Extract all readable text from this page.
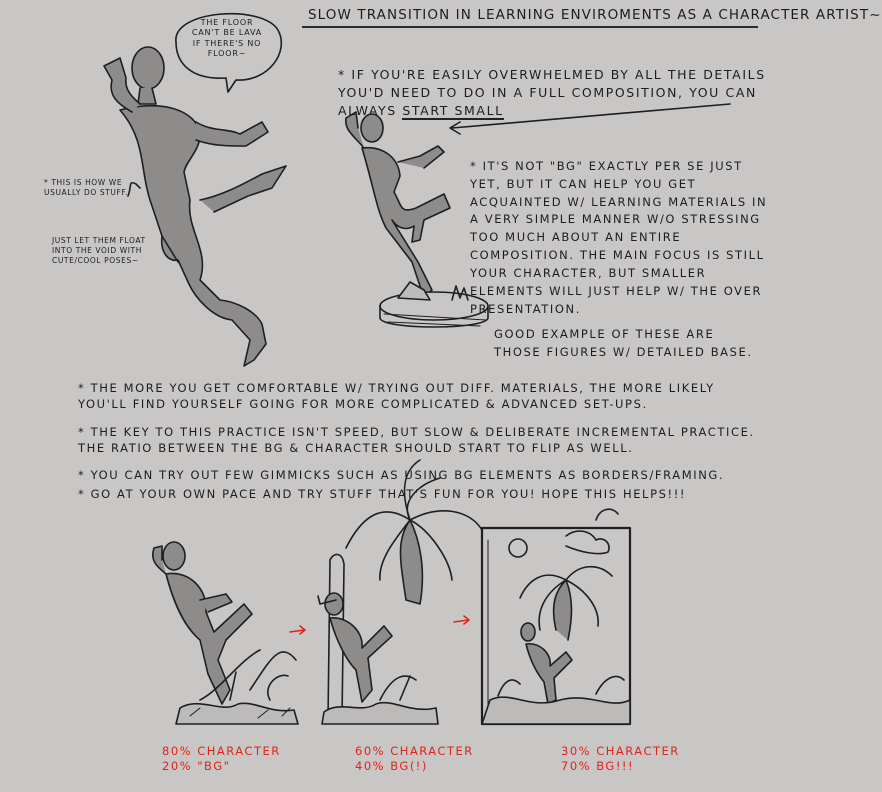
SLOW TRANSITION IN LEARNING ENVIROMENTS AS A CHARACTER ARTIST~

THE FLOOR CAN'T BE LAVA IF THERE'S NO FLOOR~

* THIS IS HOW WE USUALLY DO STUFF.

JUST LET THEM FLOAT INTO THE VOID WITH CUTE/COOL POSES~

* IF YOU'RE EASILY OVERWHELMED BY ALL THE DETAILS YOU'D NEED TO DO IN A FULL COMPOSITION, YOU CAN ALWAYS START SMALL

* IT'S NOT "BG" EXACTLY PER SE JUST YET, BUT IT CAN HELP YOU GET ACQUAINTED W/ LEARNING MATERIALS IN A VERY SIMPLE MANNER W/O STRESSING TOO MUCH ABOUT AN ENTIRE COMPOSITION. THE MAIN FOCUS IS STILL YOUR CHARACTER, BUT SMALLER ELEMENTS WILL JUST HELP W/ THE OVER PRESENTATION.

GOOD EXAMPLE OF THESE ARE THOSE FIGURES W/ DETAILED BASE.

* THE MORE YOU GET COMFORTABLE W/ TRYING OUT DIFF. MATERIALS, THE MORE LIKELY YOU'LL FIND YOURSELF GOING FOR MORE COMPLICATED & ADVANCED SET-UPS.

* THE KEY TO THIS PRACTICE ISN'T SPEED, BUT SLOW & DELIBERATE INCREMENTAL PRACTICE. THE RATIO BETWEEN THE BG & CHARACTER SHOULD START TO FLIP AS WELL.

* YOU CAN TRY OUT FEW GIMMICKS SUCH AS USING BG ELEMENTS AS BORDERS/FRAMING.

* GO AT YOUR OWN PACE AND TRY STUFF THAT'S FUN FOR YOU! HOPE THIS HELPS!!!

80% CHARACTER
20% "BG"
60% CHARACTER
40% BG(!)
30% CHARACTER
70% BG!!!
